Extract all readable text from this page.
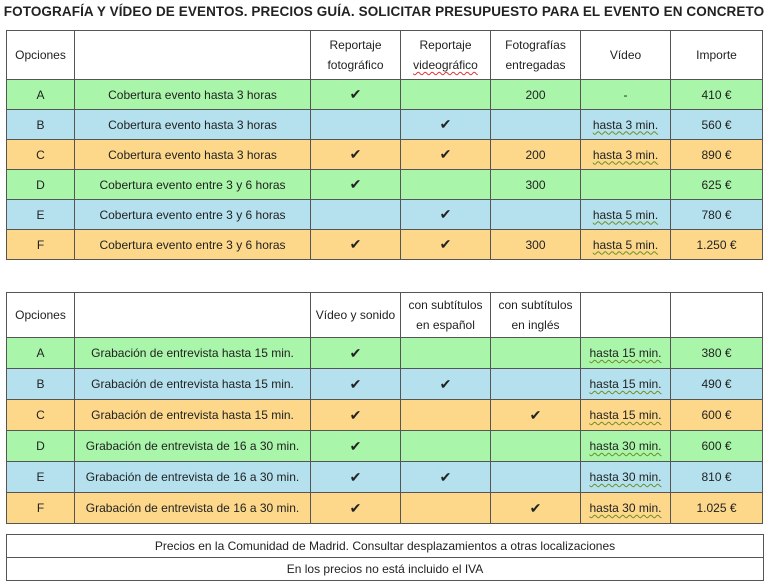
FOTOGRAFÍA Y VÍDEO DE EVENTOS. PRECIOS GUÍA. SOLICITAR PRESUPUESTO PARA EL EVENTO EN CONCRETO
Opciones		Reportaje fotográfico	Reportaje videográfico	Fotografías entregadas	Vídeo	Importe
A	Cobertura evento hasta 3 horas	✔		200	-	410 €
B	Cobertura evento hasta 3 horas		✔		hasta 3 min.	560 €
C	Cobertura evento hasta 3 horas	✔	✔	200	hasta 3 min.	890 €
D	Cobertura evento entre 3 y 6 horas	✔		300		625 €
E	Cobertura evento entre 3 y 6 horas		✔		hasta 5 min.	780 €
F	Cobertura evento entre 3 y 6 horas	✔	✔	300	hasta 5 min.	1.250 €
Opciones		Vídeo y sonido	con subtítulos en español	con subtítulos en inglés		
A	Grabación de entrevista hasta 15 min.	✔			hasta 15 min.	380 €
B	Grabación de entrevista hasta 15 min.	✔	✔		hasta 15 min.	490 €
C	Grabación de entrevista hasta 15 min.	✔		✔	hasta 15 min.	600 €
D	Grabación de entrevista de 16 a 30 min.	✔			hasta 30 min.	600 €
E	Grabación de entrevista de 16 a 30 min.	✔	✔		hasta 30 min.	810 €
F	Grabación de entrevista de 16 a 30 min.	✔		✔	hasta 30 min.	1.025 €
Precios en la Comunidad de Madrid. Consultar desplazamientos a otras localizaciones
En los precios no está incluido el IVA
